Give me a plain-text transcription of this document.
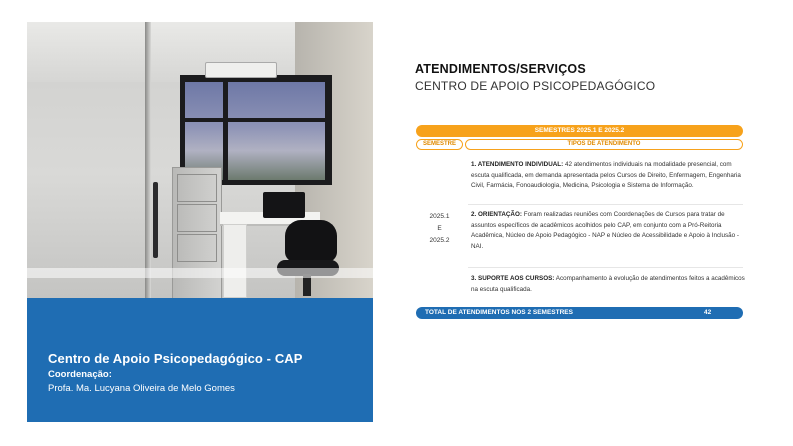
Centro de Apoio Psicopedagógico - CAP
Coordenação:
Profa. Ma. Lucyana Oliveira de Melo Gomes
ATENDIMENTOS/SERVIÇOS
CENTRO DE APOIO PSICOPEDAGÓGICO
SEMESTRES 2025.1 E 2025.2
SEMESTRE	TIPOS DE ATENDIMENTO
2025.1
E
2025.2
1. ATENDIMENTO INDIVIDUAL: 42 atendimentos individuais na modalidade presencial, com escuta qualificada, em demanda apresentada pelos Cursos de Direito, Enfermagem, Engenharia Civil, Farmácia, Fonoaudiologia, Medicina, Psicologia e Sistema de Informação.
2. ORIENTAÇÃO: Foram realizadas reuniões com Coordenações de Cursos para tratar de assuntos específicos de acadêmicos acolhidos pelo CAP, em conjunto com a Pró-Reitoria Acadêmica, Núcleo de Apoio Pedagógico - NAP e Núcleo de Acessibilidade e Apoio à Inclusão - NAI.
3. SUPORTE AOS CURSOS: Acompanhamento à evolução de atendimentos feitos a acadêmicos na escuta qualificada.
TOTAL DE ATENDIMENTOS NOS 2 SEMESTRES	42
